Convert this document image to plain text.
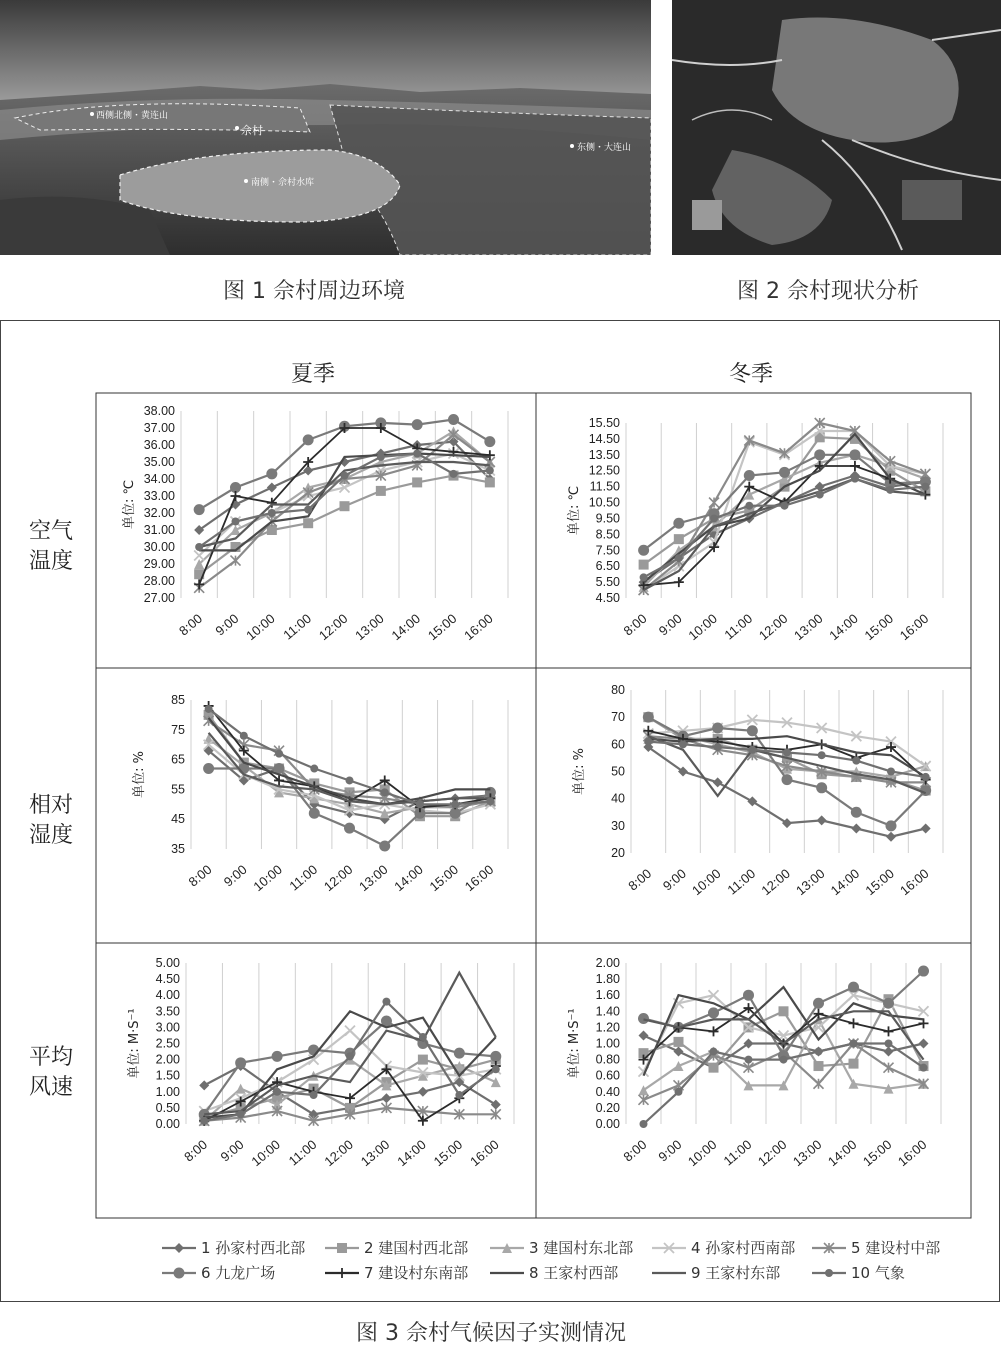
西侧北侧・黄连山
佘村
东侧・大连山
南侧・佘村水库
图 1 佘村周边环境	图 2 佘村现状分析
夏季	冬季
空气
温度
相对
湿度
平均
风速
27.00
28.00
29.00
30.00
31.00
32.00
33.00
34.00
35.00
36.00
37.00
38.00
单位: ℃
8:00 9:00 10:00 11:00 12:00 13:00 14:00 15:00 16:00
4.50
5.50
6.50
7.50
8.50
9.50
10.50
11.50
12.50
13.50
14.50
15.50
单位: ℃
8:00 9:00 10:00 11:00 12:00 13:00 14:00 15:00 16:00
35
45
55
65
75
85
单位: %
8:00 9:00 10:00 11:00 12:00 13:00 14:00 15:00 16:00
20
30
40
50
60
70
80
单位: %
8:00 9:00 10:00 11:00 12:00 13:00 14:00 15:00 16:00
0.00
0.50
1.00
1.50
2.00
2.50
3.00
3.50
4.00
4.50
5.00
单位: M·S⁻¹
8:00 9:00 10:00 11:00 12:00 13:00 14:00 15:00 16:00
0.00
0.20
0.40
0.60
0.80
1.00
1.20
1.40
1.60
1.80
2.00
单位: M·S⁻¹
8:00 9:00 10:00 11:00 12:00 13:00 14:00 15:00 16:00
1 孙家村西北部	2 建国村西北部	3 建国村东北部	4 孙家村西南部	5 建设村中部
6 九龙广场	7 建设村东南部	8 王家村西部	9 王家村东部	10 气象
图 3 佘村气候因子实测情况
